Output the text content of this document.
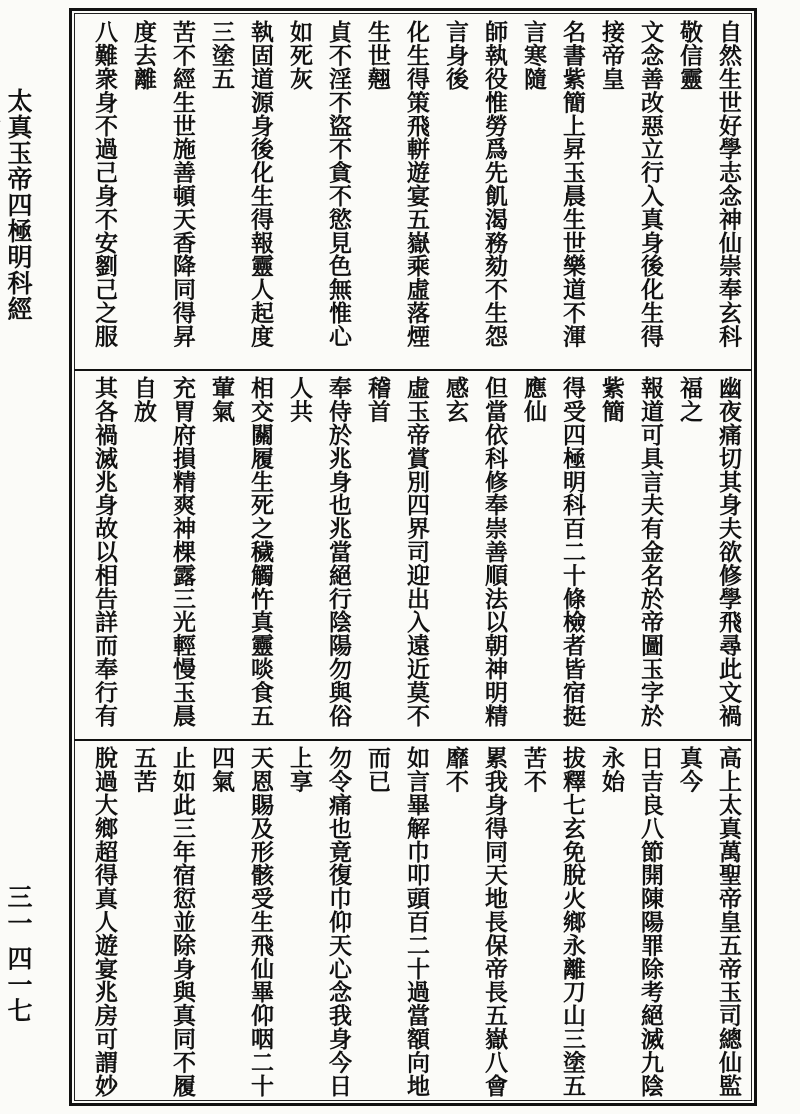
太真玉帝四極明科經
三一 四一七
自然生世好學志念神仙崇奉玄科敬信靈
文念善改惡立行入真身後化生得接帝皇
名書紫簡上昇玉晨生世樂道不渾言寒隨
師執役惟勞爲先飢渴務劾不生怨言身後
化生得策飛軿遊宴五嶽乘虛落煙生世翹
貞不淫不盜不貪不慾見色無惟心如死灰
執固道源身後化生得報靈人起度三塗五
苦不經生世施善頓天香降同得昇度去離
八難衆身不過己身不安劉己之服
幽夜痛切其身夫欲修學飛尋此文禍福之
報道可具言夫有金名於帝圖玉字於紫簡
得受四極明科百二十條檢者皆宿挺應仙
但當依科修奉崇善順法以朝神明精感玄
虛玉帝賞別四界司迎出入遠近莫不稽首
奉侍於兆身也兆當絕行陰陽勿與俗人共
相交關履生死之穢觸忤真靈啖食五葷氣
充胃府損精爽神棵露三光輕慢玉晨自放
其各禍滅兆身故以相告詳而奉行有
高上太真萬聖帝皇五帝玉司總仙監真今
日吉良八節開陳陽罪除考絕滅九陰永始
拔釋七玄免脫火鄉永離刀山三塗五苦不
累我身得同天地長保帝長五嶽八會靡不
如言畢解巾叩頭百二十過當額向地而已
勿令痛也竟復巾仰天心念我身今日上享
天恩賜及形骸受生飛仙畢仰咽二十四氣
止如此三年宿愆並除身與真同不履五苦
脫過大鄉超得真人遊宴兆房可謂妙
